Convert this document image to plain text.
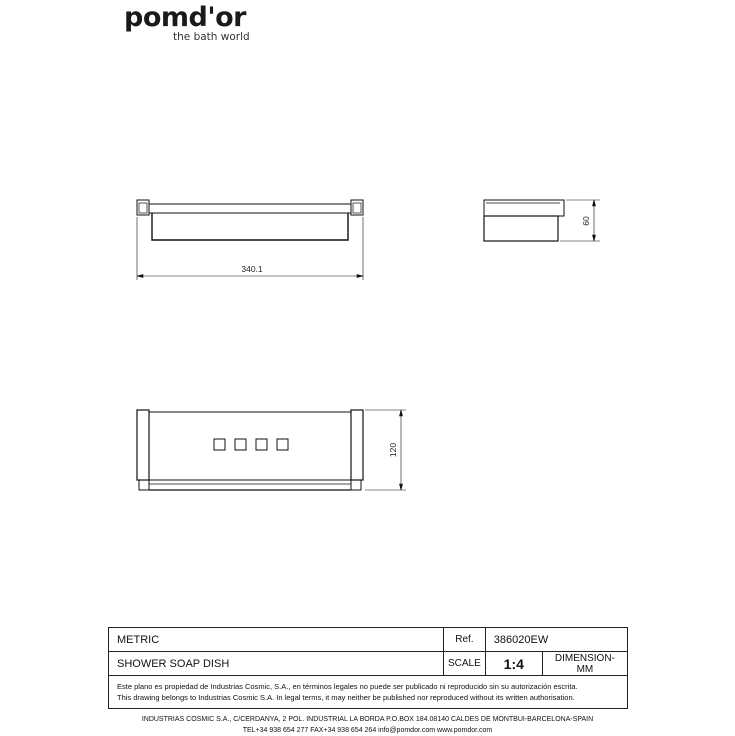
pomd'or
the bath world
340.1
60
120
METRIC	Ref.	386020EW	
SHOWER SOAP DISH	SCALE	1:4	DIMENSION-MM

Este plano es propiedad de Industrias Cosmic, S.A., en términos legales no puede ser publicado ni reproducido sin su autorización escrita.
This drawing belongs to Industrias Cosmic S.A. In legal terms, it may neither be published nor reproduced without its written authorisation.			
INDUSTRIAS COSMIC S.A., C/CERDANYA, 2 POL. INDUSTRIAL LA BORDA P.O.BOX 184.08140 CALDES DE MONTBUI-BARCELONA-SPAIN
TEL+34 938 654 277 FAX+34 938 654 264 info@pomdor.com www.pomdor.com
